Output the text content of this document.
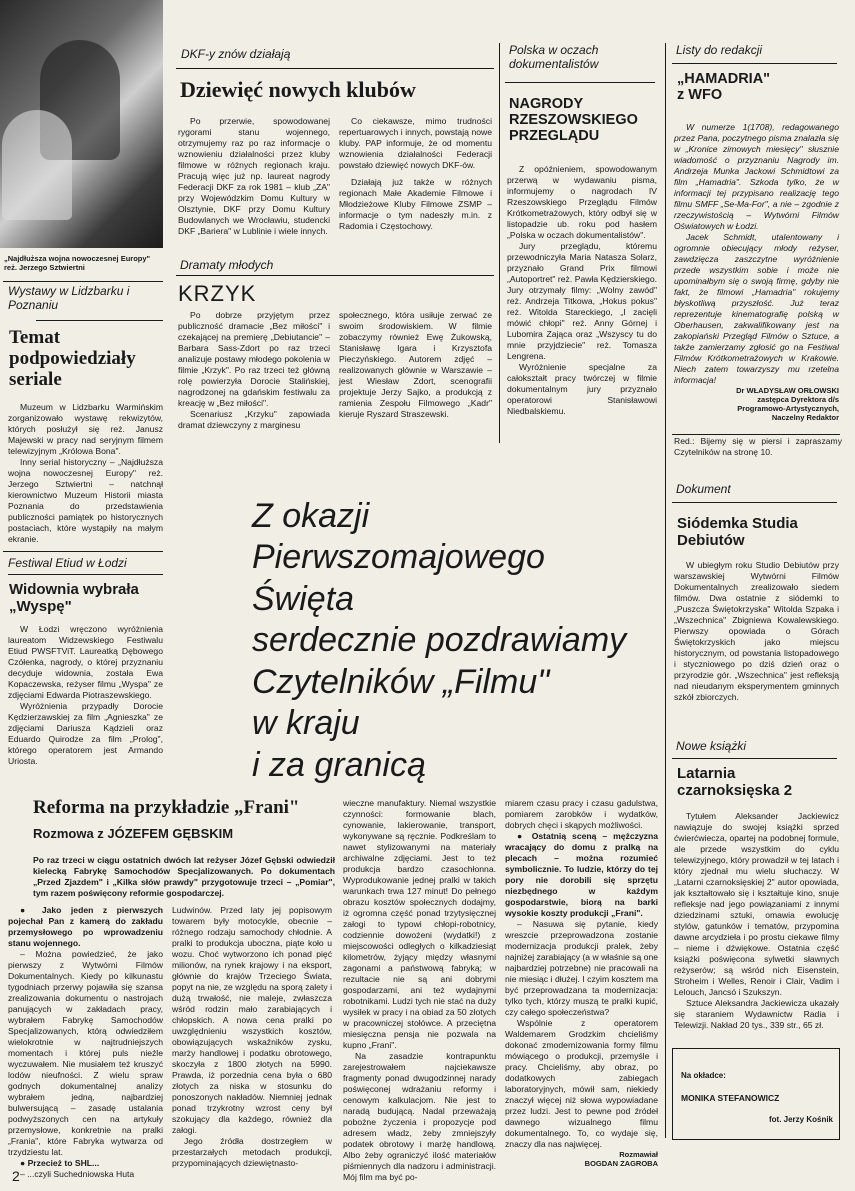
„Najdłuższa wojna nowoczesnej Europy" reż. Jerzego Sztwiertni
Wystawy w Lidzbarku i Poznaniu
Temat podpowiedziały seriale

Muzeum w Lidzbarku Warmińskim zorganizowało wystawę rekwizytów, których posłużył się reż. Janusz Majewski w pracy nad seryjnym filmem telewizyjnym „Królowa Bona".

Inny serial historyczny – „Najdłuższa wojna nowoczesnej Europy" reż. Jerzego Sztwiertni – natchnął kierownictwo Muzeum Historii miasta Poznania do przedstawienia publiczności pamiątek po historycznych postaciach, które wystąpiły na małym ekranie.

Festiwal Etiud w Łodzi
Widownia wybrała „Wyspę"

W Łodzi wręczono wyróżnienia laureatom Widzewskiego Festiwalu Etiud PWSFTViT. Laureatką Dębowego Czółenka, nagrody, o której przyznaniu decyduje widownia, została Ewa Kopaczewska, reżyser filmu „Wyspa" ze zdjęciami Edwarda Piotraszewskiego.

Wyróżnienia przypadły Dorocie Kędzierzawskiej za film „Agnieszka" ze zdjęciami Dariusza Kądzieli oraz Eduardo Quirodze za film „Prolog", którego operatorem jest Armando Uriosta.

DKF-y znów działają
Dziewięć nowych klubów

Po przerwie, spowodowanej rygorami stanu wojennego, otrzymujemy raz po raz informacje o wznowieniu działalności przez kluby filmowe w różnych regionach kraju. Pracują więc już np. laureat nagrody Federacji DKF za rok 1981 – klub „ZA" przy Wojewódzkim Domu Kultury w Olsztynie, DKF przy Domu Kultury Budowlanych we Wrocławiu, studencki DKF „Bariera" w Lublinie i wiele innych.

Co ciekawsze, mimo trudności repertuarowych i innych, powstają nowe kluby. PAP informuje, że od momentu wznowienia działalności Federacji powstało dziewięć nowych DKF-ów.

Działają już także w różnych regionach Małe Akademie Filmowe i Młodzieżowe Kluby Filmowe ZSMP – informacje o tym nadeszły m.in. z Radomia i Częstochowy.

Dramaty młodych
KRZYK

Po dobrze przyjętym przez publiczność dramacie „Bez miłości" i czekającej na premierę „Debiutancie" – Barbara Sass-Zdort po raz trzeci analizuje postawy młodego pokolenia w filmie „Krzyk". Po raz trzeci też główną rolę powierzyła Dorocie Stalińskiej, nagrodzonej na gdańskim festiwalu za kreację w „Bez miłości".

Scenariusz „Krzyku" zapowiada dramat dziewczyny z marginesu

społecznego, która usiłuje zerwać ze swoim środowiskiem. W filmie zobaczymy również Ewę Żukowską, Stanisławę Igara i Krzysztofa Pieczyńskiego. Autorem zdjęć – realizowanych głównie w Warszawie – jest Wiesław Zdort, scenografii projektuje Jerzy Sajko, a produkcją z ramienia Zespołu Filmowego „Kadr" kieruje Ryszard Straszewski.

Polska w oczach dokumentalistów
NAGRODY RZESZOWSKIEGO PRZEGLĄDU

Z opóźnieniem, spowodowanym przerwą w wydawaniu pisma, informujemy o nagrodach IV Rzeszowskiego Przeglądu Filmów Krótkometrażowych, który odbył się w listopadzie ub. roku pod hasłem „Polska w oczach dokumentalistów".

Jury przeglądu, któremu przewodniczyła Maria Natasza Solarz, przyznało Grand Prix filmowi „Autoportret" reż. Pawła Kędzierskiego. Jury otrzymały filmy: „Wolny zawód" reż. Andrzeja Titkowa, „Hokus pokus" reż. Witolda Stareckiego, „I zacięli mówić chłopi" reż. Anny Górnej i Lubomira Zająca oraz „Wszyscy tu do mnie przyjdziecie" reż. Tomasza Lengrena.

Wyróżnienie specjalne za całokształt pracy twórczej w filmie dokumentalnym jury przyznało operatorowi Stanisławowi Niedbalskiemu.

Listy do redakcji
„HAMADRIA" z WFO

W numerze 1(1708), redagowanego przez Pana, poczytnego pisma znalazła się w „Kronice zimowych miesięcy" słusznie wiadomość o przyznaniu Nagrody im. Andrzeja Munka Jackowi Schmidtowi za film „Hamadria". Szkoda tylko, że w informacji tej przypisano realizację tego filmu SMFF „Se-Ma-For", a nie – zgodnie z rzeczywistością – Wytwórni Filmów Oświatowych w Łodzi.

Jacek Schmidt, utalentowany i ogromnie obiecujący młody reżyser, zawdzięcza zaszczytne wyróżnienie przede wszystkim sobie i może nie upominałbym się o swoją firmę, gdyby nie fakt, że filmowi „Hamadria" rokujemy błyskotliwą przyszłość. Już teraz reprezentuje kinematografię polską w Oberhausen, zakwalifikowany jest na zakopiański Przegląd Filmów o Sztuce, a także zamierzamy zgłosić go na Festiwal Filmów Krótkometrażowych w Krakowie. Niech zatem towarzyszy mu rzetelna informacja!

Dr WŁADYSŁAW ORŁOWSKI
zastępca Dyrektora d/s
Programowo-Artystycznych,
Naczelny Redaktor

Red.: Bijemy się w piersi i zapraszamy Czytelników na stronę 10.

Z okazji
Pierwszomajowego Święta
serdecznie pozdrawiamy
Czytelników „Filmu"
w kraju
i za granicą
Dokument
Siódemka Studia Debiutów

W ubiegłym roku Studio Debiutów przy warszawskiej Wytwórni Filmów Dokumentalnych zrealizowało siedem filmów. Dwa ostatnie z siódemki to „Puszcza Świętokrzyska" Witolda Szpaka i „Wszechnica" Zbigniewa Kowalewskiego. Pierwszy opowiada o Górach Świętokrzyskich jako miejscu historycznym, od powstania listopadowego i styczniowego po dziś dzień oraz o przyrodzie gór. „Wszechnica" jest refleksją nad nieudanym eksperymentem gminnych szkół zbiorczych.

Nowe książki
Latarnia czarnoksięska 2

Tytułem Aleksander Jackiewicz nawiązuje do swojej książki sprzed ćwierćwiecza, opartej na podobnej formule, ale przede wszystkim do cyklu telewizyjnego, który prowadził w tej latach i który zjednał mu wielu słuchaczy. W „Latarni czarnoksięskiej 2" autor opowiada, jak kształtowało się i kształtuje kino, snuje refleksje nad jego powiązaniami z innymi dziedzinami sztuki, omawia ewolucję stylów, gatunków i tematów, przypomina dawne arcydzieła i po prostu ciekawe filmy – nieme i dźwiękowe. Ostatnia część książki poświęcona sylwetki sławnych reżyserów; są wśród nich Eisenstein, Stroheim i Welles, Renoir i Clair, Vadim i Lelouch, Jancsó i Szukszyn.

Sztuce Aleksandra Jackiewicza ukazały się staraniem Wydawnictw Radia i Telewizji. Nakład 20 tys., 339 str., 65 zł.

Na okładce:
MONIKA STEFANOWICZ
fot. Jerzy Kośnik
Reforma na przykładzie „Frani"
Rozmowa z JÓZEFEM GĘBSKIM
Po raz trzeci w ciągu ostatnich dwóch lat reżyser Józef Gębski odwiedził kielecką Fabrykę Samochodów Specjalizowanych. Po dokumentach „Przed Zjazdem" i „Kilka słów prawdy" przygotowuje trzeci – „Pomiar", tym razem poświęcony reformie gospodarczej.

● Jako jeden z pierwszych pojechał Pan z kamerą do zakładu przemysłowego po wprowadzeniu stanu wojennego.

– Można powiedzieć, że jako pierwszy z Wytwórni Filmów Dokumentalnych. Kiedy po kilkunastu tygodniach przerwy pojawiła się szansa zrealizowania dokumentu o nastrojach panujących w zakładach pracy, wybrałem Fabrykę Samochodów Specjalizowanych, którą odwiedziłem wielokrotnie w najtrudniejszych momentach i której puls nieźle wyczuwałem. Nie musiałem też kruszyć lodów nieufności. Z wielu spraw godnych dokumentalnej analizy wybrałem jedną, najbardziej bulwersującą – zasadę ustalania podwyższonych cen na artykuły przemysłowe, konkretnie na pralki „Frania", które Fabryka wytwarza od trzydziestu lat.

● Przecież to SHL...

– ...czyli Suchedniowska Huta

Ludwinów. Przed laty jej popisowym towarem były motocykle, obecnie – różnego rodzaju samochody chłodnie. A pralki to produkcja uboczna, piąte koło u wozu. Choć wytworzono ich ponad pięć milionów, na rynek krajowy i na eksport, głównie do krajów Trzeciego Świata, popyt na nie, ze względu na sporą zalety i dużą trwałość, nie maleje, zwłaszcza wśród rodzin mało zarabiających i chłopskich. A nowa cena pralki po uwzględnieniu wszystkich kosztów, obowiązujących wskaźników zysku, marży handlowej i podatku obrotowego, skoczyła z 1800 złotych na 5990. Prawda, iż porzednia cena była o 680 złotych za niska w stosunku do ponoszonych nakładów. Niemniej jednak ponad trzykrotny wzrost ceny był szokujący dla każdego, również dla załogi.

Jego źródła dostrzegłem w przestarzałych metodach produkcji, przypominających dziewiętnasto-

wieczne manufaktury. Niemal wszystkie czynności: formowanie blach, cynowanie, lakierowanie, transport, wykonywane są ręcznie. Podkreślam to nawet stylizowanymi na materiały archiwalne zdjęciami. Jest to też produkcja bardzo czasochłonna. Wyprodukowanie jednej pralki w takich warunkach trwa 127 minut! Do pełnego obrazu kosztów społecznych dodajmy, iż ogromna część ponad trzytysięcznej załogi to typowi chłopi-robotnicy, codziennie dowożeni (wydatki!) z miejscowości odległych o kilkadziesiąt kilometrów, żyjący między własnymi zagonami a państwową fabryką; w rezultacie nie są ani dobrymi gospodarzami, ani też wydajnymi robotnikami. Ludzi tych nie stać na duży wysiłek w pracy i na obiad za 50 złotych w pracowniczej stołówce. A przeciętna miesięczna pensja nie pozwala na kupno „Frani".

Na zasadzie kontrapunktu zarejestrowałem najciekawsze fragmenty ponad dwugodzinnej narady poświęconej wdrażaniu reformy i cenowym kalkulacjom. Nie jest to naradą budującą. Nadal przeważają pobożne życzenia i propozycje pod adresem władz, żeby zmniejszyły podatek obrotowy i marżę handlową. Albo żeby ograniczyć ilość materiałów piśmiennych dla nadzoru i administracji. Mój film ma być po-

miarem czasu pracy i czasu gadulstwa, pomiarem zarobków i wydatków, dobrych chęci i skąpych możliwości.

● Ostatnią sceną – mężczyzna wracający do domu z pralką na plecach – można rozumieć symbolicznie. To ludzie, którzy do tej pory nie dorobili się sprzętu niezbędnego w każdym gospodarstwie, biorą na barki wysokie koszty produkcji „Frani".

– Nasuwa się pytanie, kiedy wreszcie przeprowadzona zostanie modernizacja produkcji pralek, żeby najniżej zarabiający (a w właśnie są one najbardziej potrzebne) nie pracowali na nie miesiąc i dłużej. I czyim kosztem ma być przeprowadzana ta modernizacja: tylko tych, którzy muszą te pralki kupić, czy całego społeczeństwa?

Wspólnie z operatorem Waldemarem Grodzkim chcieliśmy dokonać zmodernizowania formy filmu mówiącego o produkcji, przemyśle i pracy. Chcieliśmy, aby obraz, po dodatkowych zabiegach laboratoryjnych, mówił sam, niekiedy znaczył więcej niż słowa wypowiadane przez ludzi. Jest to pewne pod źródeł dawnego wizualnego filmu dokumentalnego. To, co wydaje się, znaczy dla nas najwięcej.

Rozmawiał
BOGDAN ZAGROBA
2
